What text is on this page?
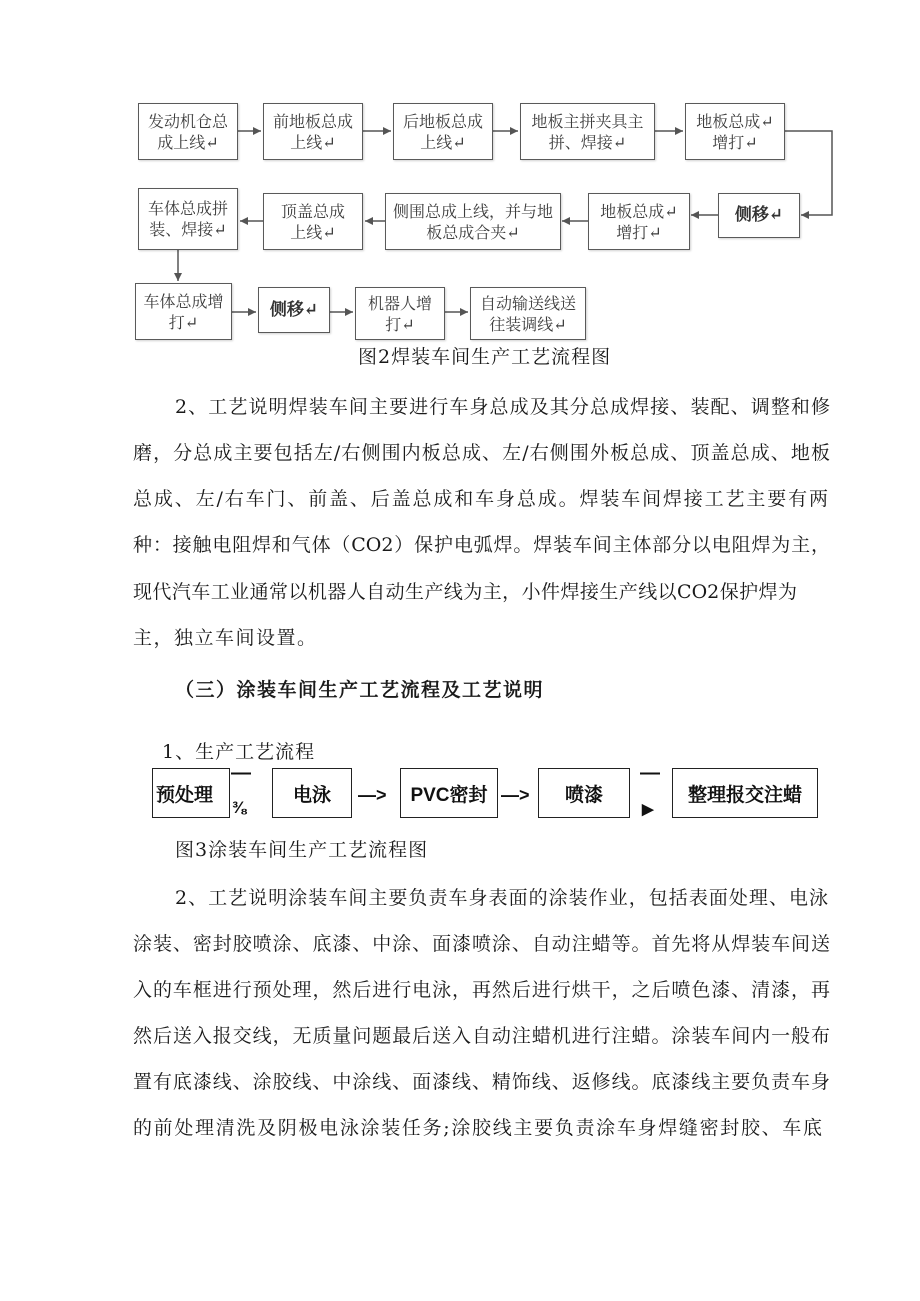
发动机仓总
成上线↵
前地板总成
上线↵
后地板总成
上线↵
地板主拼夹具主
拼、焊接↵
地板总成↵
增打↵
侧移↵
地板总成↵
增打↵
侧围总成上线，并与地
板总成合夹↵
顶盖总成
上线↵
车体总成拼
装、焊接↵
车体总成增
打↵
侧移↵	机器人增
打↵
自动输送线送
往装调线↵
图2焊装车间生产工艺流程图
2、工艺说明焊装车间主要进行车身总成及其分总成焊接、装配、调整和修
磨，分总成主要包括左/右侧围内板总成、左/右侧围外板总成、顶盖总成、地板
总成、左/右车门、前盖、后盖总成和车身总成。焊装车间焊接工艺主要有两
种：接触电阻焊和气体（CO2）保护电弧焊。焊装车间主体部分以电阻焊为主，
现代汽车工业通常以机器人自动生产线为主，小件焊接生产线以CO2保护焊为
主，独立车间设置。
（三）涂装车间生产工艺流程及工艺说明
1、生产工艺流程
预处理
—
⅜
电泳	—>	PVC密封 —>	喷漆
—
▶
整理报交注蜡
图3涂装车间生产工艺流程图
2、工艺说明涂装车间主要负责车身表面的涂装作业，包括表面处理、电泳
涂装、密封胶喷涂、底漆、中涂、面漆喷涂、自动注蜡等。首先将从焊装车间送
入的车框进行预处理，然后进行电泳，再然后进行烘干，之后喷色漆、清漆，再
然后送入报交线，无质量问题最后送入自动注蜡机进行注蜡。涂装车间内一般布
置有底漆线、涂胶线、中涂线、面漆线、精饰线、返修线。底漆线主要负责车身
的前处理清洗及阴极电泳涂装任务;涂胶线主要负责涂车身焊缝密封胶、车底
